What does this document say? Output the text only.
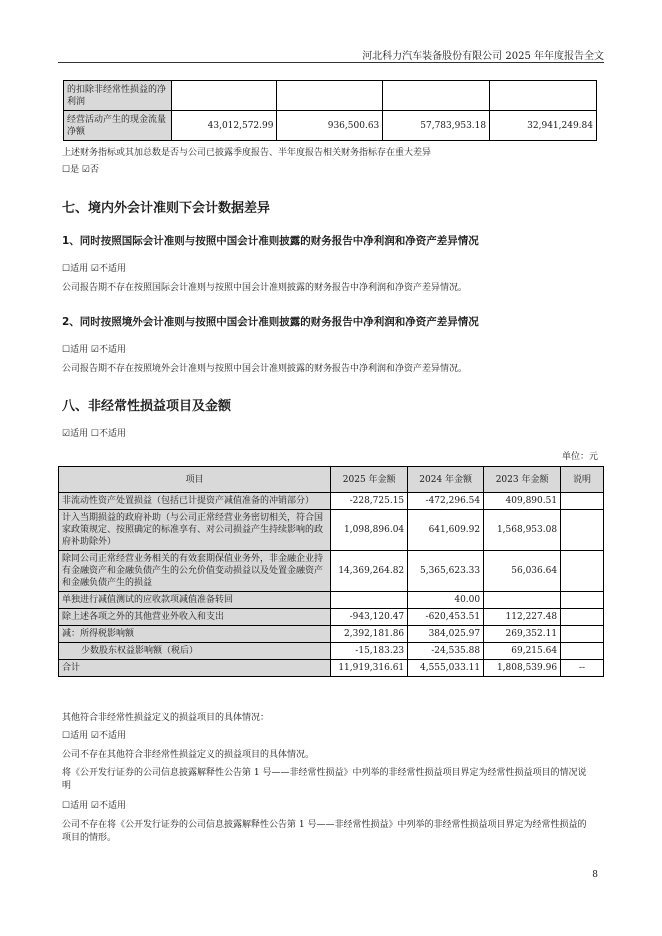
河北科力汽车装备股份有限公司 2025 年年度报告全文
的扣除非经常性损益的净利润				
经营活动产生的现金流量净额	43,012,572.99	936,500.63	57,783,953.18	32,941,249.84
上述财务指标或其加总数是否与公司已披露季度报告、半年度报告相关财务指标存在重大差异
☐是 ☑否
七、境内外会计准则下会计数据差异
1、同时按照国际会计准则与按照中国会计准则披露的财务报告中净利润和净资产差异情况
☐适用 ☑不适用
公司报告期不存在按照国际会计准则与按照中国会计准则披露的财务报告中净利润和净资产差异情况。
2、同时按照境外会计准则与按照中国会计准则披露的财务报告中净利润和净资产差异情况
☐适用 ☑不适用
公司报告期不存在按照境外会计准则与按照中国会计准则披露的财务报告中净利润和净资产差异情况。
八、非经常性损益项目及金额
☑适用 ☐不适用
单位：元
项目	2025 年金额	2024 年金额	2023 年金额	说明
非流动性资产处置损益（包括已计提资产减值准备的冲销部分）	-228,725.15	-472,296.54	409,890.51	
计入当期损益的政府补助（与公司正常经营业务密切相关，符合国家政策规定、按照确定的标准享有、对公司损益产生持续影响的政府补助除外）	1,098,896.04	641,609.92	1,568,953.08	
除同公司正常经营业务相关的有效套期保值业务外，非金融企业持有金融资产和金融负债产生的公允价值变动损益以及处置金融资产和金融负债产生的损益	14,369,264.82	5,365,623.33	56,036.64	
单独进行减值测试的应收款项减值准备转回		40.00		
除上述各项之外的其他营业外收入和支出	-943,120.47	-620,453.51	112,227.48	
减：所得税影响额	2,392,181.86	384,025.97	269,352.11	
少数股东权益影响额（税后）	-15,183.23	-24,535.88	69,215.64	
合计	11,919,316.61	4,555,033.11	1,808,539.96	--
其他符合非经常性损益定义的损益项目的具体情况：
☐适用 ☑不适用
公司不存在其他符合非经常性损益定义的损益项目的具体情况。
将《公开发行证券的公司信息披露解释性公告第 1 号——非经常性损益》中列举的非经常性损益项目界定为经常性损益项目的情况说明
☐适用 ☑不适用
公司不存在将《公开发行证券的公司信息披露解释性公告第 1 号——非经常性损益》中列举的非经常性损益项目界定为经常性损益的项目的情形。
8
